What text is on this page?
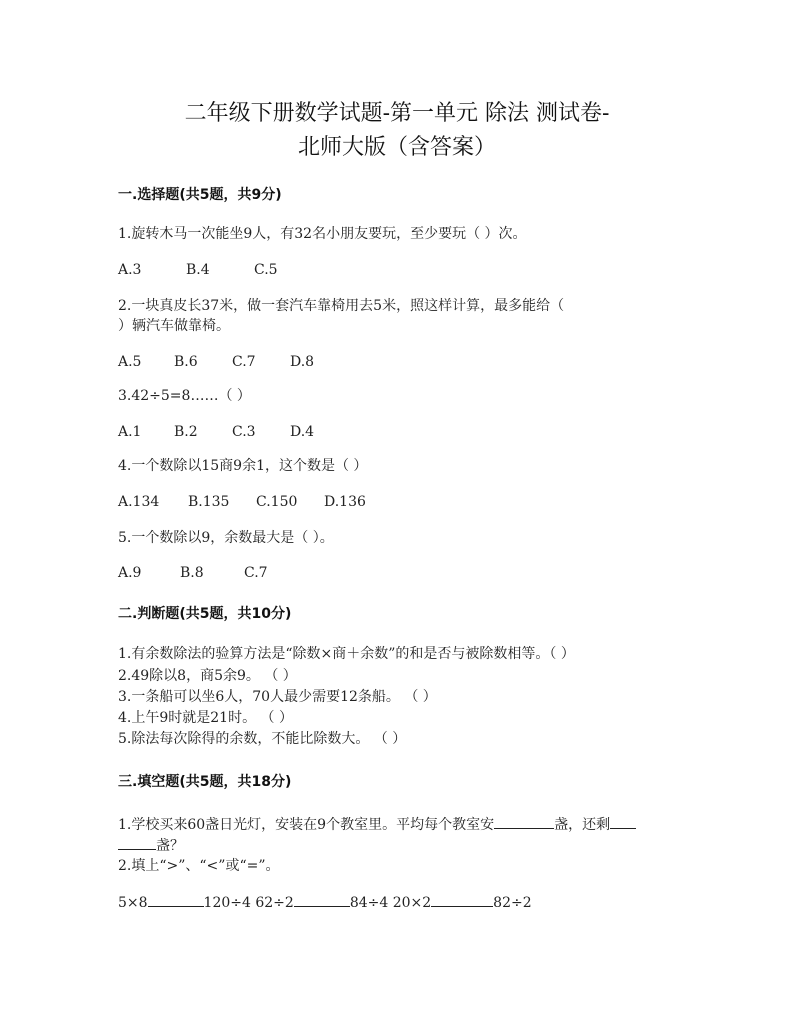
二年级下册数学试题-第一单元 除法 测试卷-
北师大版（含答案）
一.选择题(共5题，共9分)
1.旋转木马一次能坐9人，有32名小朋友要玩，至少要玩（ ）次。
A.3	B.4	C.5
2.一块真皮长37米，做一套汽车靠椅用去5米，照这样计算，最多能给（
）辆汽车做靠椅。
A.5 B.6 C.7 D.8
3.42÷5=8……（ ）
A.1 B.2 C.3 D.4
4.一个数除以15商9余1，这个数是（ ）
A.134 B.135 C.150 D.136
5.一个数除以9，余数最大是（ ）。
A.9	B.8	C.7
二.判断题(共5题，共10分)
1.有余数除法的验算方法是“除数×商＋余数”的和是否与被除数相等。（ ）
2.49除以8，商5余9。 （ ）
3.一条船可以坐6人，70人最少需要12条船。 （ ）
4.上午9时就是21时。 （ ）
5.除法每次除得的余数，不能比除数大。 （ ）
三.填空题(共5题，共18分)
1.学校买来60盏日光灯，安装在9个教室里。平均每个教室安	盏，还剩
盏？
2.填上“>”、“<”或“=”。
5×8	120÷4 62÷2	84÷4 20×2	82÷2
